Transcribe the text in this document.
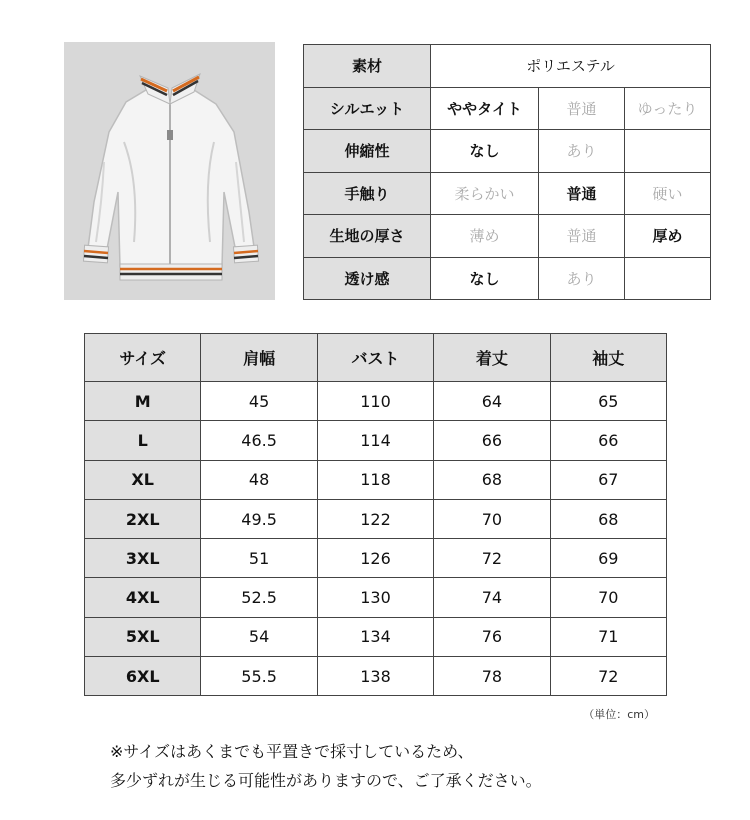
素材	ポリエステル		
シルエット	ややタイト	普通	ゆったり
伸縮性	なし	あり	
手触り	柔らかい	普通	硬い
生地の厚さ	薄め	普通	厚め
透け感	なし	あり	
サイズ	肩幅	バスト	着丈	袖丈
M	45	110	64	65
L	46.5	114	66	66
XL	48	118	68	67
2XL	49.5	122	70	68
3XL	51	126	72	69
4XL	52.5	130	74	70
5XL	54	134	76	71
6XL	55.5	138	78	72
（単位：cm）
※サイズはあくまでも平置きで採寸しているため、
多少ずれが生じる可能性がありますので、ご了承ください。
